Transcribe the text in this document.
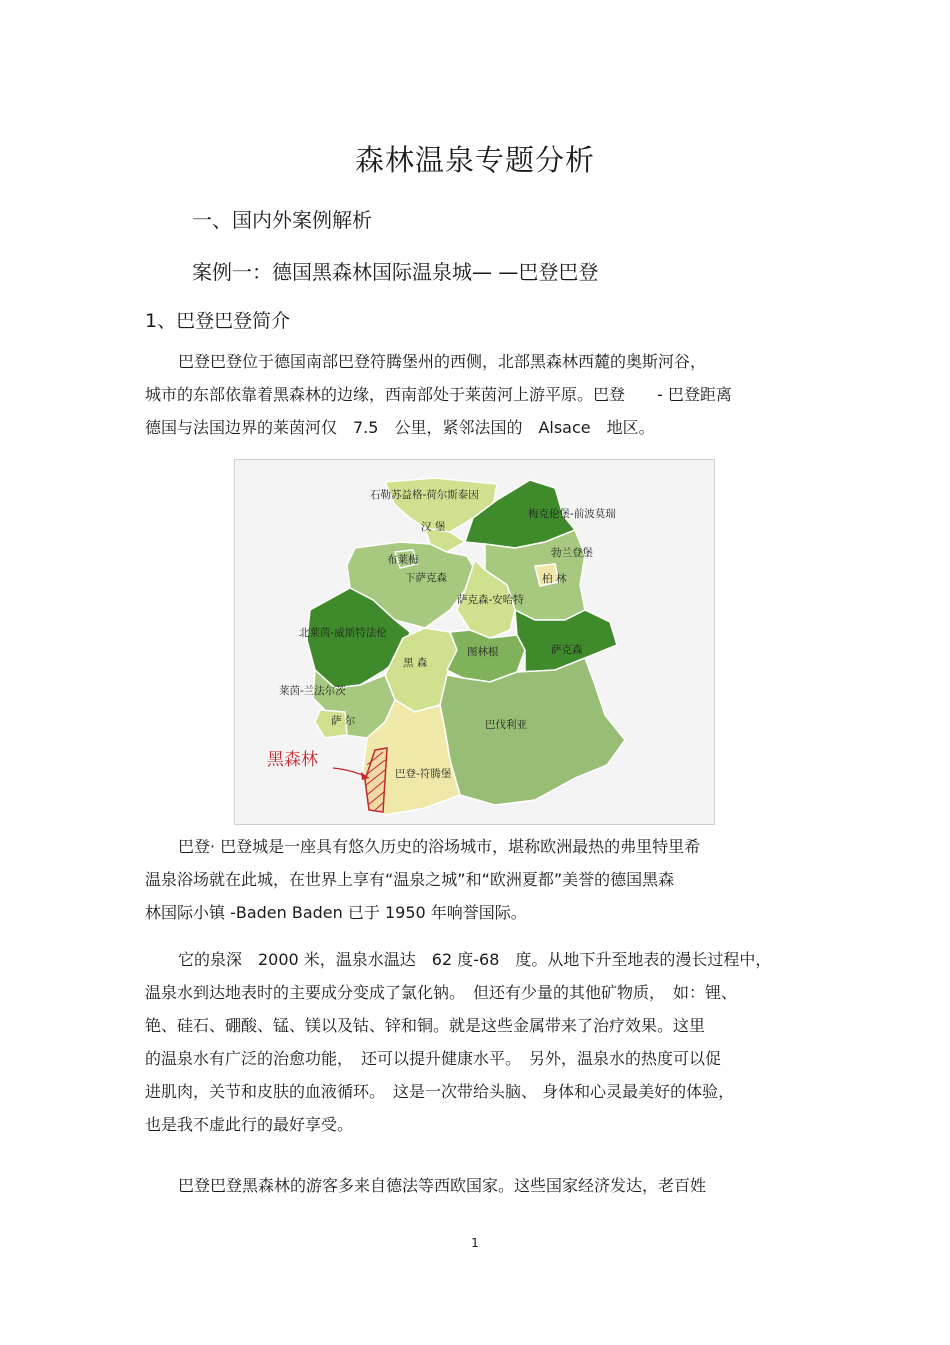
森林温泉专题分析
一、国内外案例解析
案例一：德国黑森林国际温泉城— —巴登巴登
1、巴登巴登简介
巴登巴登位于德国南部巴登符腾堡州的西侧，北部黑森林西麓的奥斯河谷，
城市的东部依靠着黑森林的边缘，西南部处于莱茵河上游平原。巴登　　- 巴登距离
德国与法国边界的莱茵河仅　7.5　公里，紧邻法国的　Alsace　地区。
石勒苏益格-荷尔斯泰因
汉 堡
梅克伦堡-前波莫瑞
布莱梅
下萨克森
勃兰登堡
柏 林
萨克森-安哈特
北莱茵-威斯特法伦
黑 森
图林根	萨克森
莱茵-兰法尔茨
萨 尔	巴伐利亚
巴登-符腾堡
黑森林
巴登· 巴登城是一座具有悠久历史的浴场城市，堪称欧洲最热的弗里特里希
温泉浴场就在此城，在世界上享有“温泉之城”和“欧洲夏都”美誉的德国黑森
林国际小镇 -Baden Baden 已于 1950 年响誉国际。
它的泉深　2000 米，温泉水温达　62 度-68　度。从地下升至地表的漫长过程中，
温泉水到达地表时的主要成分变成了氯化钠。　但还有少量的其他矿物质，　如：锂、
铯、硅石、硼酸、锰、镁以及钴、锌和铜。就是这些金属带来了治疗效果。这里
的温泉水有广泛的治愈功能，　还可以提升健康水平。　另外，温泉水的热度可以促
进肌肉，关节和皮肤的血液循环。　这是一次带给头脑、 身体和心灵最美好的体验，
也是我不虚此行的最好享受。
巴登巴登黑森林的游客多来自德法等西欧国家。这些国家经济发达，老百姓
1
